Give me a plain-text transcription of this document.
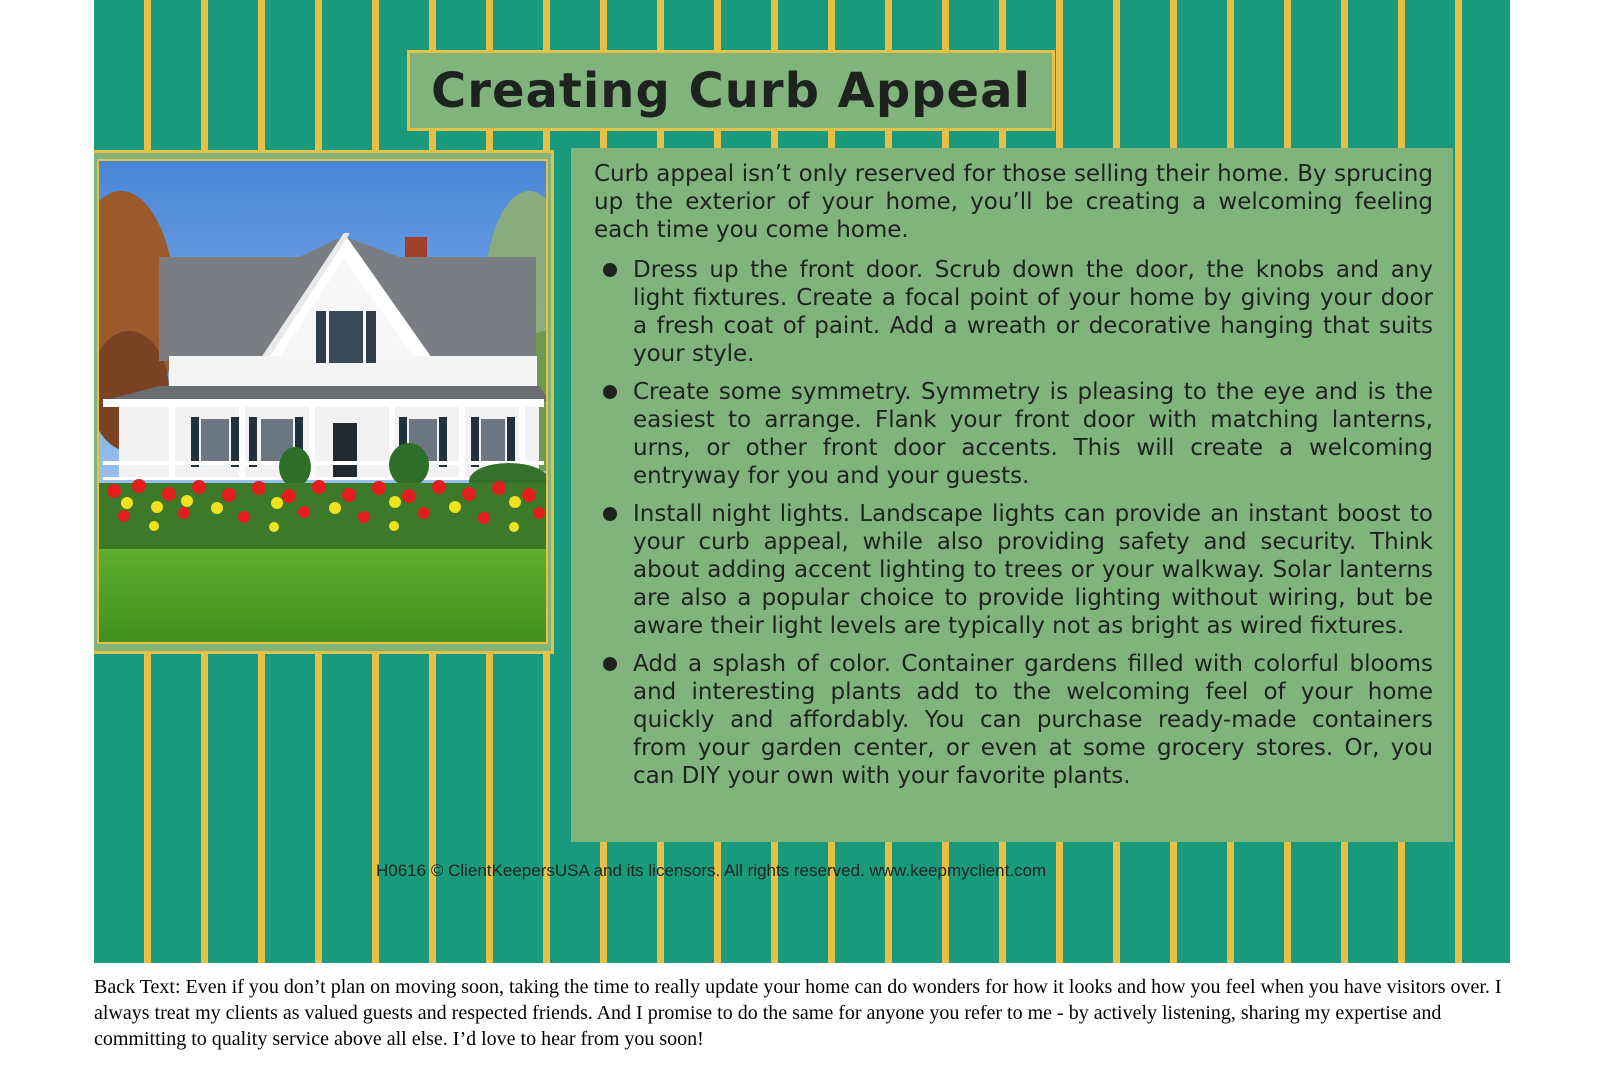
Creating Curb Appeal

Curb appeal isn’t only reserved for those selling their home. By sprucing up the exterior of your home, you’ll be creating a welcoming feeling each time you come home.

Dress up the front door. Scrub down the door, the knobs and any light fixtures. Create a focal point of your home by giving your door a fresh coat of paint. Add a wreath or decorative hanging that suits your style.
Create some symmetry. Symmetry is pleasing to the eye and is the easiest to arrange. Flank your front door with matching lanterns, urns, or other front door accents. This will create a welcoming entryway for you and your guests.
Install night lights. Landscape lights can provide an instant boost to your curb appeal, while also providing safety and security. Think about adding accent lighting to trees or your walkway. Solar lanterns are also a popular choice to provide lighting without wiring, but be aware their light levels are typically not as bright as wired fixtures.
Add a splash of color. Container gardens filled with colorful blooms and interesting plants add to the welcoming feel of your home quickly and affordably. You can purchase ready-made containers from your garden center, or even at some grocery stores. Or, you can DIY your own with your favorite plants.
H0616 © ClientKeepersUSA and its licensors. All rights reserved. www.keepmyclient.com

Back Text: Even if you don’t plan on moving soon, taking the time to really update your home can do wonders for how it looks and how you feel when you have visitors over. I always treat my clients as valued guests and respected friends. And I promise to do the same for anyone you refer to me - by actively listening, sharing my expertise and committing to quality service above all else. I’d love to hear from you soon!
